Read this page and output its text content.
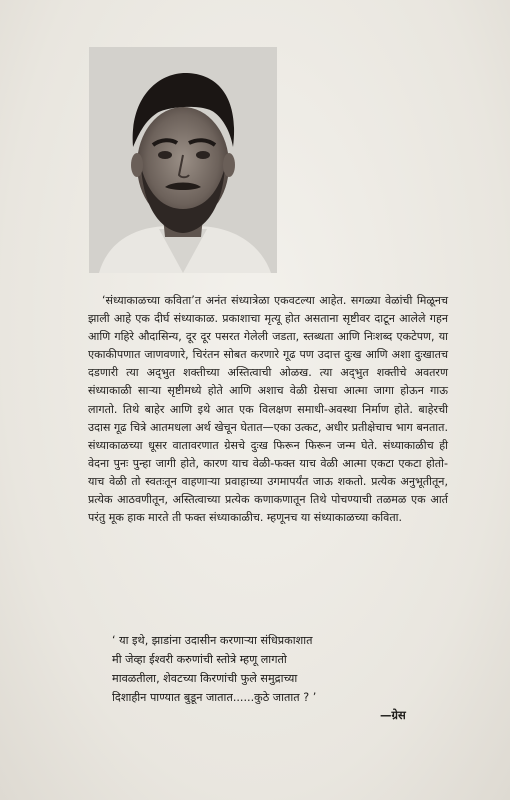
‘संध्याकाळच्या कविता’त अनंत संध्यात्रेळा एकवटल्या आहेत. सगळ्या वेळांची मिळूनच झाली आहे एक दीर्घ संध्याकाळ. प्रकाशाचा मृत्यू होत असताना सृष्टीवर दाटून आलेले गहन आणि गहिरे औदासिन्य, दूर दूर पसरत गेलेली जडता, स्तब्धता आणि निःशब्द एकटेपण, या एकाकीपणात जाणवणारे, चिरंतन सोबत करणारे गूढ पण उदात्त दुःख आणि अशा दुःखातच दडणारी त्या अद्‌भुत शक्तीच्या अस्तित्वाची ओळख. त्या अद्‌भुत शक्तीचे अवतरण संध्याकाळी साऱ्या सृष्टीमध्ये होते आणि अशाच वेळी ग्रेसचा आत्मा जागा होऊन गाऊ लागतो. तिथे बाहेर आणि इथे आत एक विलक्षण समाधी-अवस्था निर्माण होते. बाहेरची उदास गूढ चित्रे आतमधला अर्थ खेचून घेतात—एका उत्कट, अधीर प्रतीक्षेचाच भाग बनतात. संध्याकाळच्या धूसर वातावरणात ग्रेसचे दुःख फिरून फिरून जन्म घेते. संध्याकाळीच ही वेदना पुनः पुन्हा जागी होते, कारण याच वेळी-फक्त याच वेळी आत्मा एकटा एकटा होतो-याच वेळी तो स्वतःतून वाहणाऱ्या प्रवाहाच्या उगमापर्यंत जाऊ शकतो. प्रत्येक अनुभूतीतून, प्रत्येक आठवणीतून, अस्तित्वाच्या प्रत्येक कणाकणातून तिथे पोचण्याची तळमळ एक आर्त परंतु मूक हाक मारते ती फक्त संध्याकाळीच. म्हणूनच या संध्याकाळच्या कविता.

‘ या इथे, झाडांना उदासीन करणाऱ्या संधिप्रकाशात
मी जेव्हा ईश्वरी करुणांची स्तोत्रे म्हणू लागतो
मावळतीला, शेवटच्या किरणांची फुले समुद्राच्या
दिशाहीन पाण्यात बुडून जातात......कुठे जातात ? ’
—ग्रेस
